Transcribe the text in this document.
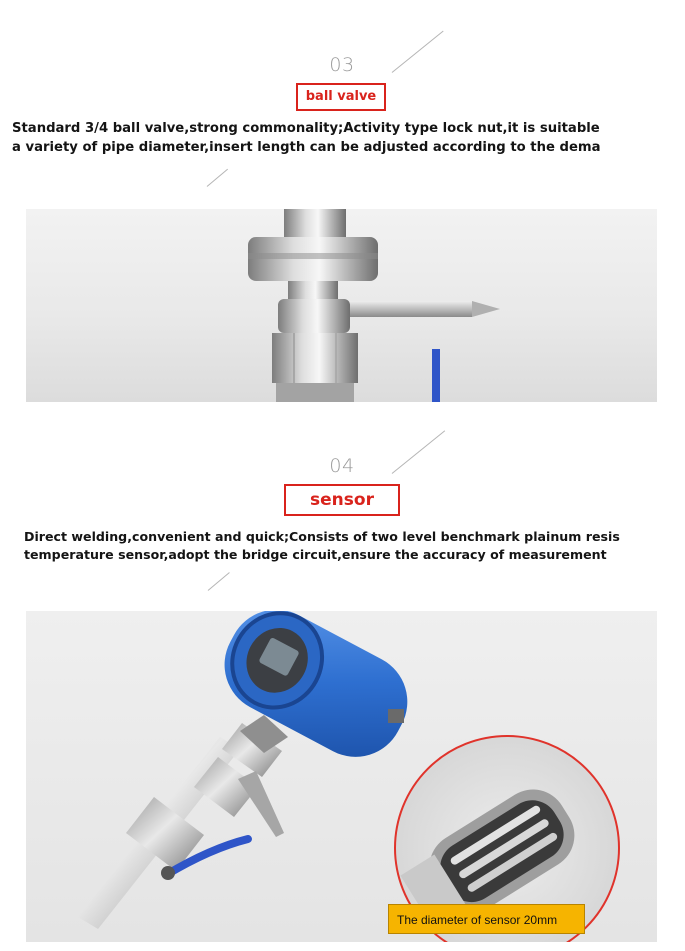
03
ball valve
Standard 3/4 ball valve,strong commonality;Activity type lock nut,it is suitable
a variety of pipe diameter,insert length can be adjusted according to the dema
04
sensor
Direct welding,convenient and quick;Consists of two level benchmark plainum resis
temperature sensor,adopt the bridge circuit,ensure the accuracy of measurement
The diameter of sensor 20mm
